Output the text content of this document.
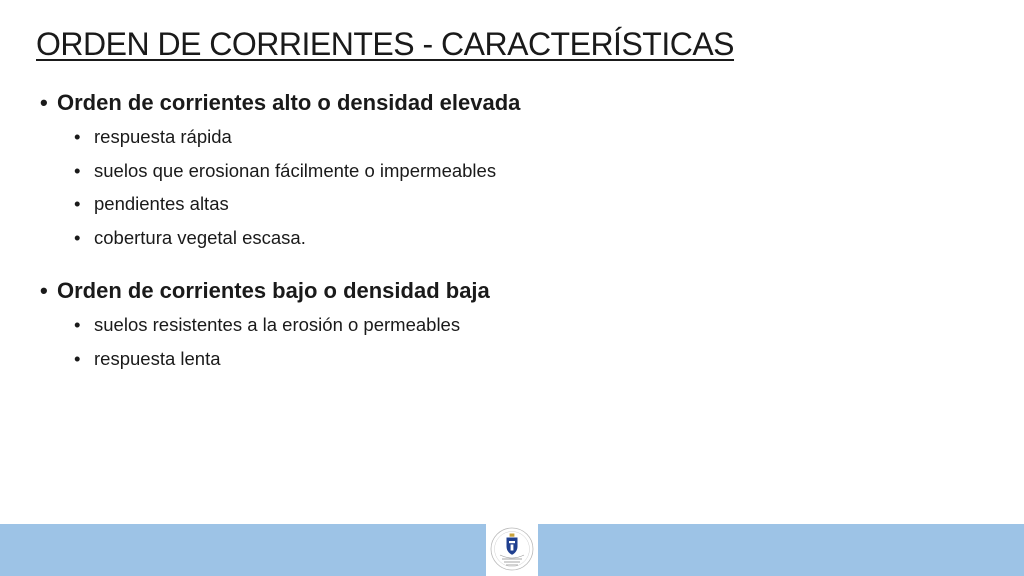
ORDEN DE CORRIENTES - CARACTERÍSTICAS
• Orden de corrientes alto o densidad elevada
• respuesta rápida
• suelos que erosionan fácilmente o impermeables
• pendientes altas
• cobertura vegetal escasa.
• Orden de corrientes bajo o densidad baja
• suelos resistentes a la erosión o permeables
• respuesta lenta
